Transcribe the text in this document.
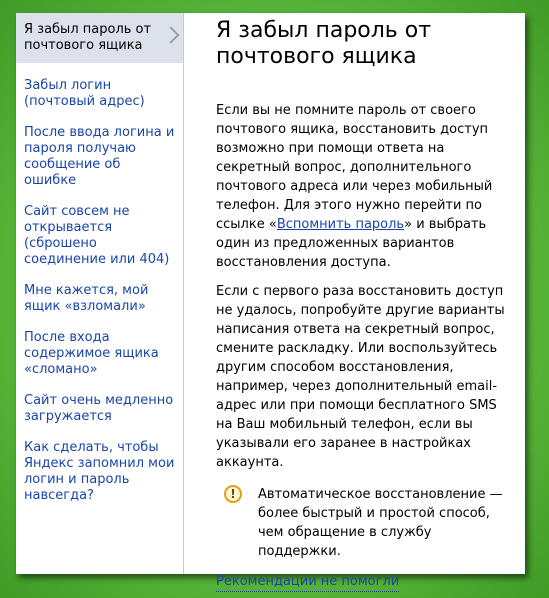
Я забыл пароль от почтового ящика
Забыл логин (почтовый адрес)
После ввода логина и пароля получаю сообщение об ошибке
Сайт совсем не открывается (сброшено соединение или 404)
Мне кажется, мой ящик «взломали»
После входа содержимое ящика «сломано»
Сайт очень медленно загружается
Как сделать, чтобы Яндекс запомнил мои логин и пароль навсегда?
Я забыл пароль от почтового ящика

Если вы не помните пароль от своего почтового ящика, восстановить доступ возможно при помощи ответа на секретный вопрос, дополнительного почтового адреса или через мобильный телефон. Для этого нужно перейти по ссылке «Вспомнить пароль» и выбрать один из предложенных вариантов восстановления доступа.

Если с первого раза восстановить доступ не удалось, попробуйте другие варианты написания ответа на секретный вопрос, смените раскладку. Или воспользуйтесь другим способом восстановления, например, через дополнительный email-адрес или при помощи бесплатного SMS на Ваш мобильный телефон, если вы указывали его заранее в настройках аккаунта.

!	Автоматическое восстановление — более быстрый и простой способ, чем обращение в службу поддержки.
Рекомендации не помогли
